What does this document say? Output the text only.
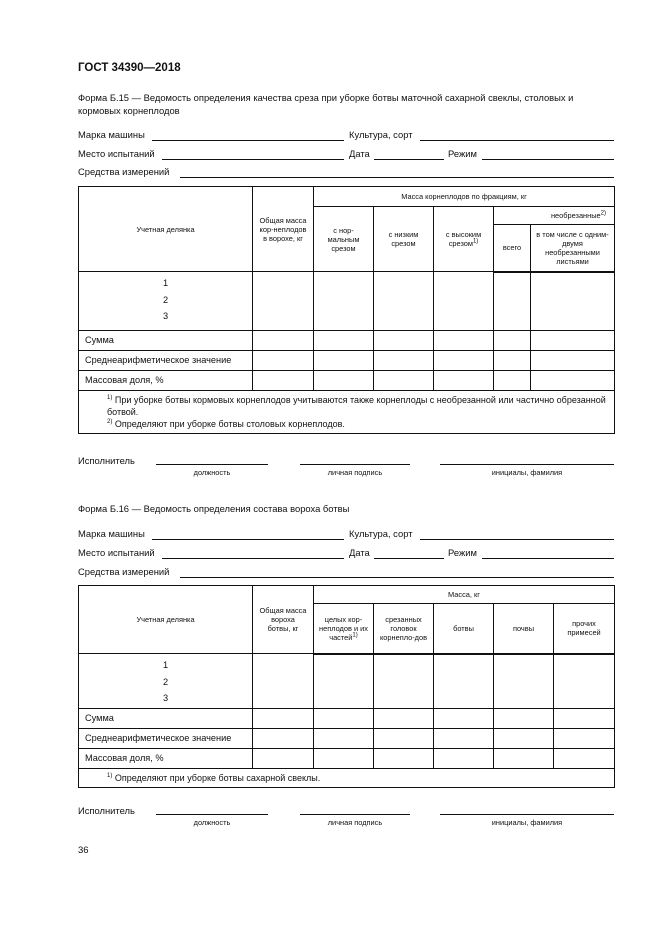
ГОСТ 34390—2018
Форма Б.15 — Ведомость определения качества среза при уборке ботвы маточной сахарной свеклы, столовых и кормовых корнеплодов
Марка машины	Культура, сорт
Место испытаний	Дата	Режим
Средства измерений
Учетная делянка	Общая масса кор-неплодов в ворохе, кг	Масса корнеплодов по фракциям, кг				
		с нор-мальным срезом	с низким срезом	с высоким срезом$^{1)}$	необрезанные$^{2)}$
					всего	в том числе с одним-двумя необрезанными листьями

1
2
3						

Сумма						
Среднеарифметическое значение						
Массовая доля, %						

$^{1)}$ При уборке ботвы кормовых корнеплодов учитываются также корнеплоды с необрезанной или частично обрезанной ботвой.
$^{2)}$ Определяют при уборке ботвы столовых корнеплодов.						
Исполнитель
должность	личная подпись	инициалы, фамилия
Форма Б.16 — Ведомость определения состава вороха ботвы
Марка машины	Культура, сорт
Место испытаний	Дата	Режим
Средства измерений
Учетная делянка	Общая масса вороха ботвы, кг	Масса, кг				
		целых кор-неплодов и их частей$^{1)}$	срезанных головок корнепло-дов	ботвы	почвы	прочих примесей

1
2
3						

Сумма						
Среднеарифметическое значение						
Массовая доля, %						

$^{1)}$ Определяют при уборке ботвы сахарной свеклы.						
Исполнитель
должность	личная подпись	инициалы, фамилия
36
